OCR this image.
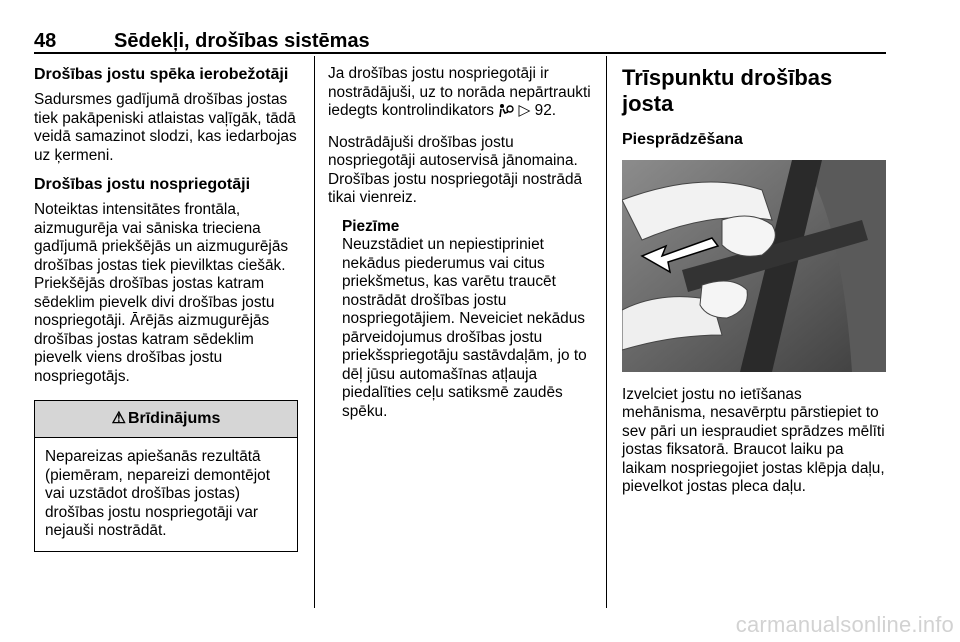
48	Sēdekļi, drošības sistēmas
Drošības jostu spēka ierobežotāji

Sadursmes gadījumā drošības jostas tiek pakāpeniski atlaistas vaļīgāk, tādā veidā samazinot slodzi, kas iedarbojas uz ķermeni.

Drošības jostu nospriegotāji

Noteiktas intensitātes frontāla, aizmugurēja vai sāniska trieciena gadījumā priekšējās un aizmugurējās drošības jostas tiek pievilktas ciešāk. Priekšējās drošības jostas katram sēdeklim pievelk divi drošības jostu nospriegotāji. Ārējās aizmugurējās drošības jostas katram sēdeklim pievelk viens drošības jostu nospriegotājs.

⚠ Brīdinājums
Nepareizas apiešanās rezultātā (piemēram, nepareizi demontējot vai uzstādot drošības jostas) drošības jostu nospriegotāji var nejauši nostrādāt.

Ja drošības jostu nospriegotāji ir nostrādājuši, uz to norāda nepārtraukti iedegts kontrolindikators ▷ 92.

Nostrādājuši drošības jostu nospriegotāji autoservisā jānomaina. Drošības jostu nospriegotāji nostrādā tikai vienreiz.

Piezīme

Neuzstādiet un nepiestipriniet nekādus piederumus vai citus priekšmetus, kas varētu traucēt nostrādāt drošības jostu nospriegotājiem. Neveiciet nekādus pārveidojumus drošības jostu priekšspriegotāju sastāvdaļām, jo to dēļ jūsu automašīnas atļauja piedalīties ceļu satiksmē zaudēs spēku.

Trīspunktu drošības josta
Piesprādzēšana

Izvelciet jostu no ietīšanas mehānisma, nesavērptu pārstiepiet to sev pāri un iespraudiet sprādzes mēlīti jostas fiksatorā. Braucot laiku pa laikam nospriegojiet jostas klēpja daļu, pievelkot jostas pleca daļu.

carmanualsonline.info
